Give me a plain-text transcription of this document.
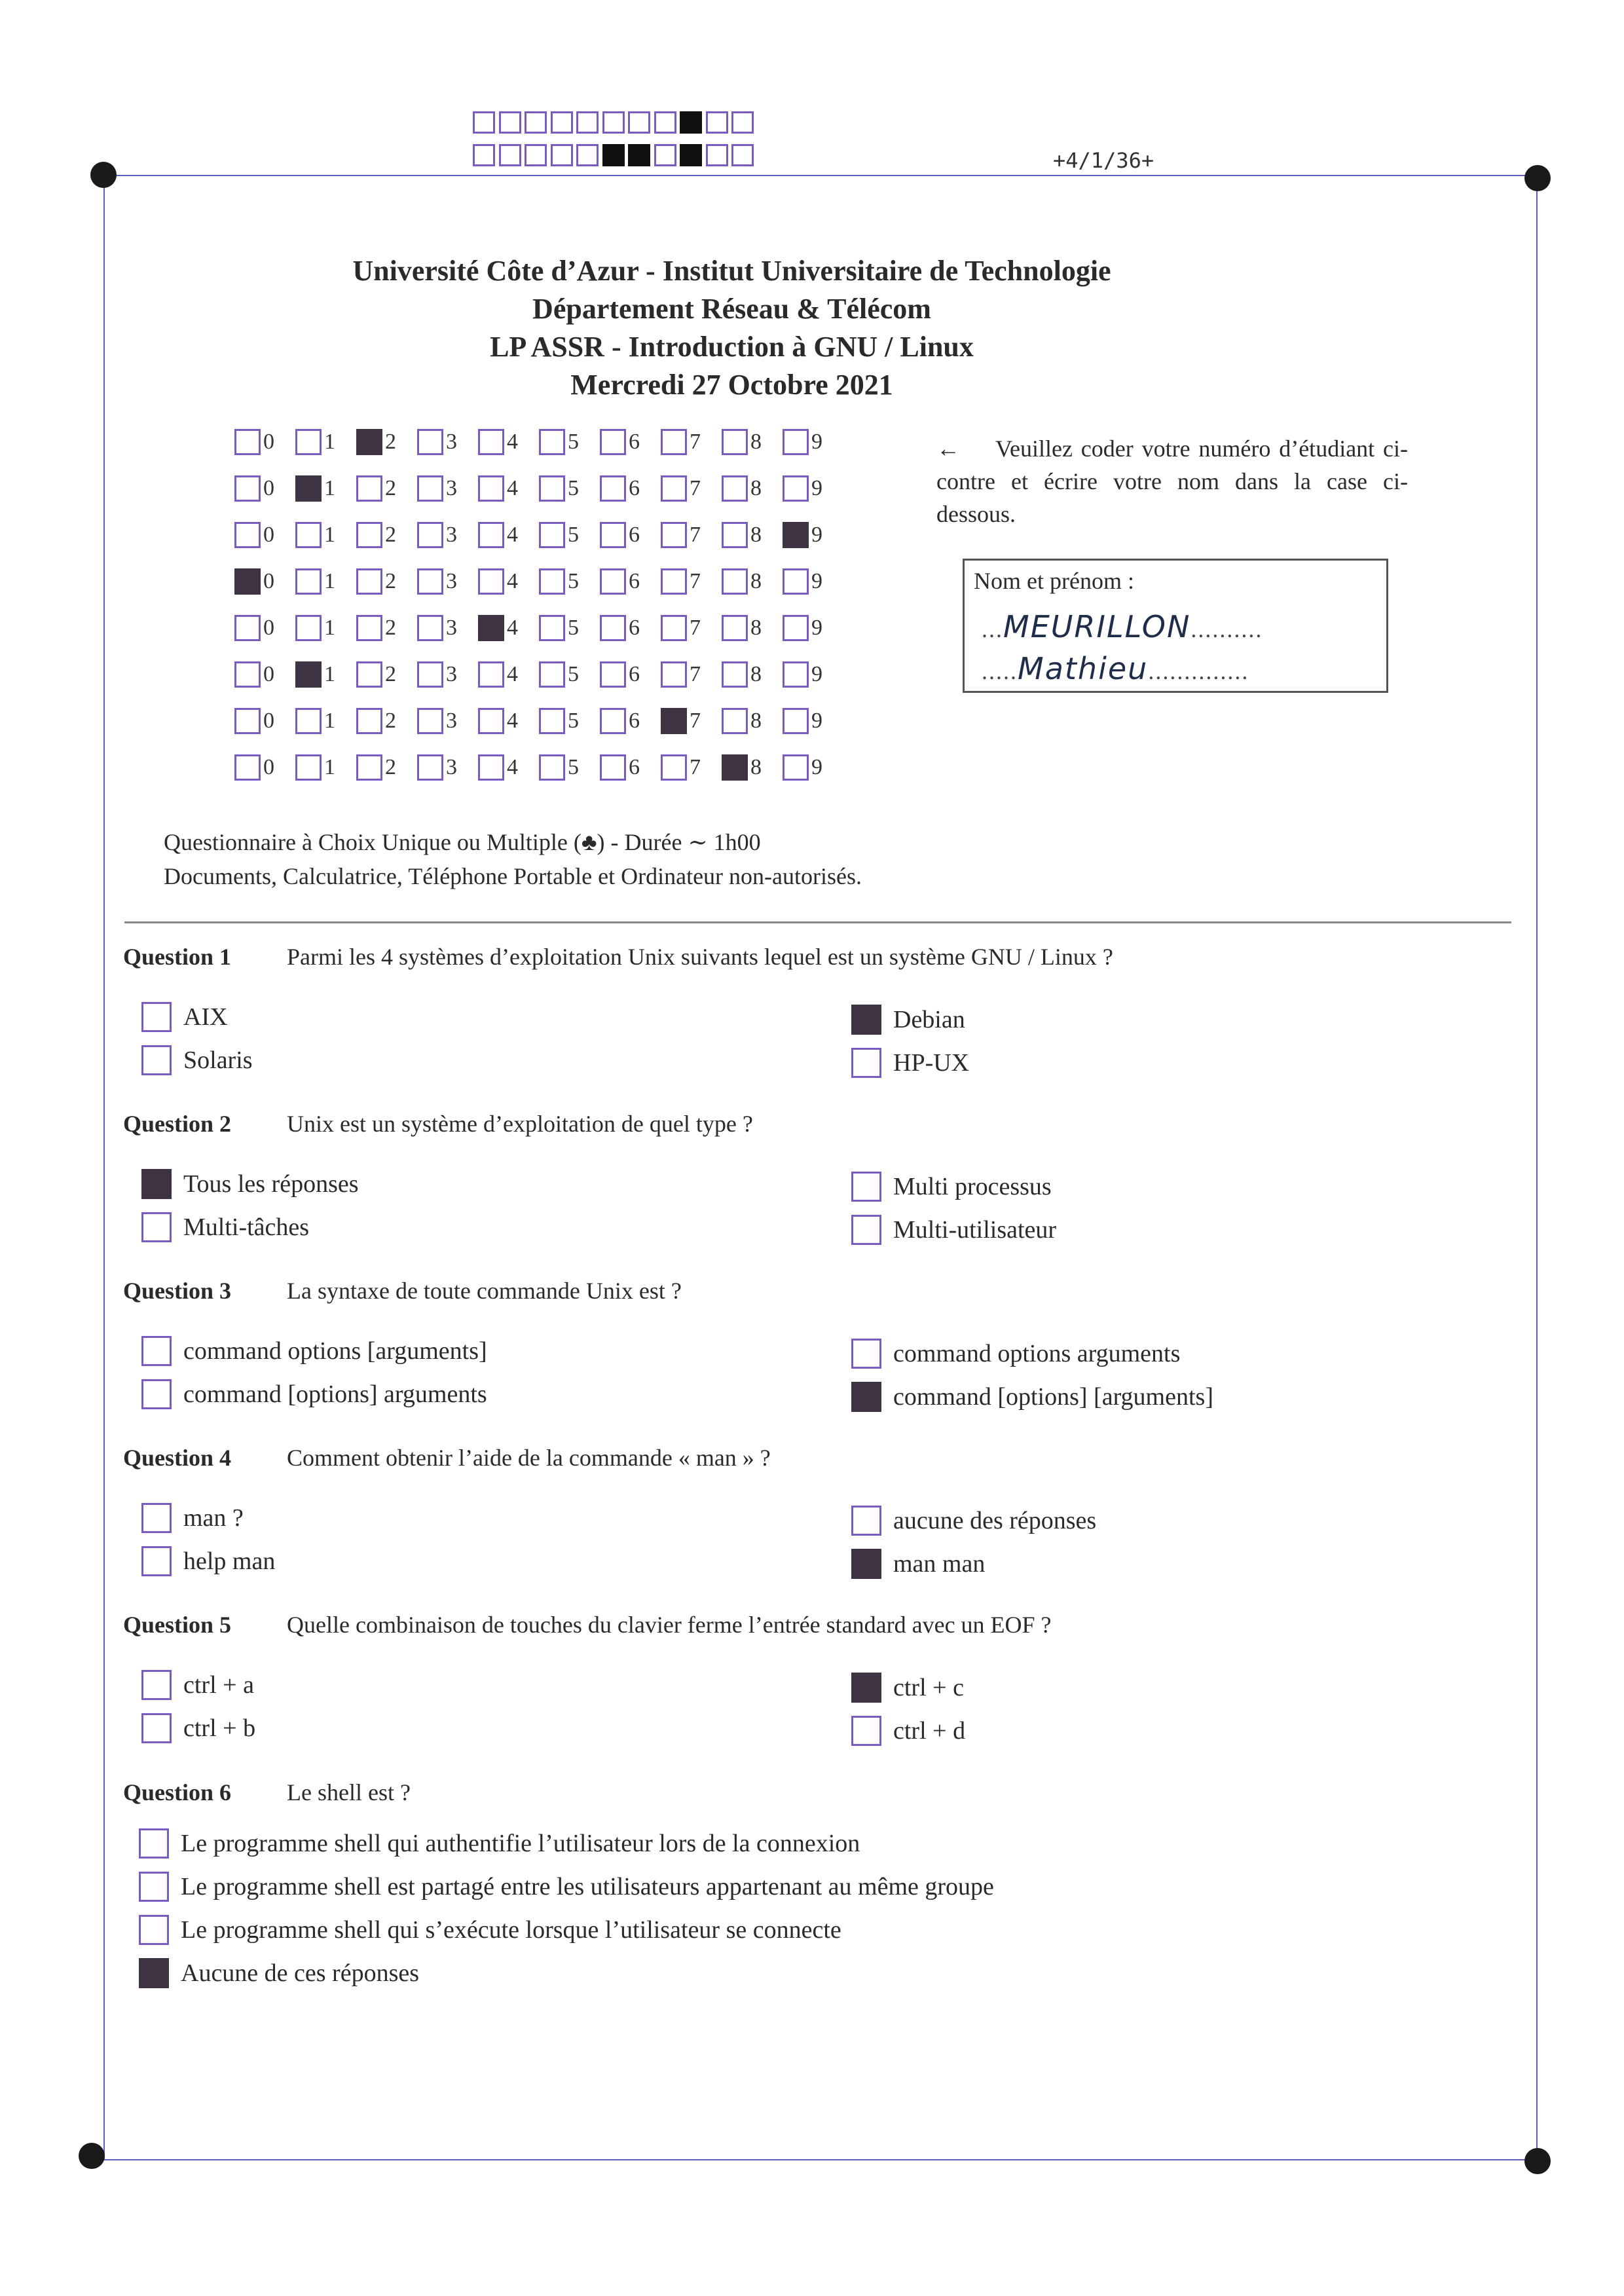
+4/1/36+
Université Côte d’Azur - Institut Universitaire de Technologie
Département Réseau & Télécom
LP ASSR - Introduction à GNU / Linux
Mercredi 27 Octobre 2021
0 1 2 3 4 5 6 7 8 9
0 1 2 3 4 5 6 7 8 9
0 1 2 3 4 5 6 7 8 9
0 1 2 3 4 5 6 7 8 9
0 1 2 3 4 5 6 7 8 9
0 1 2 3 4 5 6 7 8 9
0 1 2 3 4 5 6 7 8 9
0 1 2 3 4 5 6 7 8 9
← Veuillez coder votre numéro d’étudiant ci-contre et écrire votre nom dans la case ci-dessous.
Nom et prénom :
...MEURILLON..........
.....Mathieu..............
Questionnaire à Choix Unique ou Multiple (♣) - Durée ∼ 1h00
Documents, Calculatrice, Téléphone Portable et Ordinateur non-autorisés.
Question 1 Parmi les 4 systèmes d’exploitation Unix suivants lequel est un système GNU / Linux ?
AIX
Solaris
Debian
HP-UX
Question 2 Unix est un système d’exploitation de quel type ?
Tous les réponses
Multi-tâches
Multi processus
Multi-utilisateur
Question 3 La syntaxe de toute commande Unix est ?
command options [arguments]
command [options] arguments
command options arguments
command [options] [arguments]
Question 4 Comment obtenir l’aide de la commande « man » ?
man ?
help man
aucune des réponses
man man
Question 5 Quelle combinaison de touches du clavier ferme l’entrée standard avec un EOF ?
ctrl + a
ctrl + b
ctrl + c
ctrl + d
Question 6 Le shell est ?
Le programme shell qui authentifie l’utilisateur lors de la connexion
Le programme shell est partagé entre les utilisateurs appartenant au même groupe
Le programme shell qui s’exécute lorsque l’utilisateur se connecte
Aucune de ces réponses
